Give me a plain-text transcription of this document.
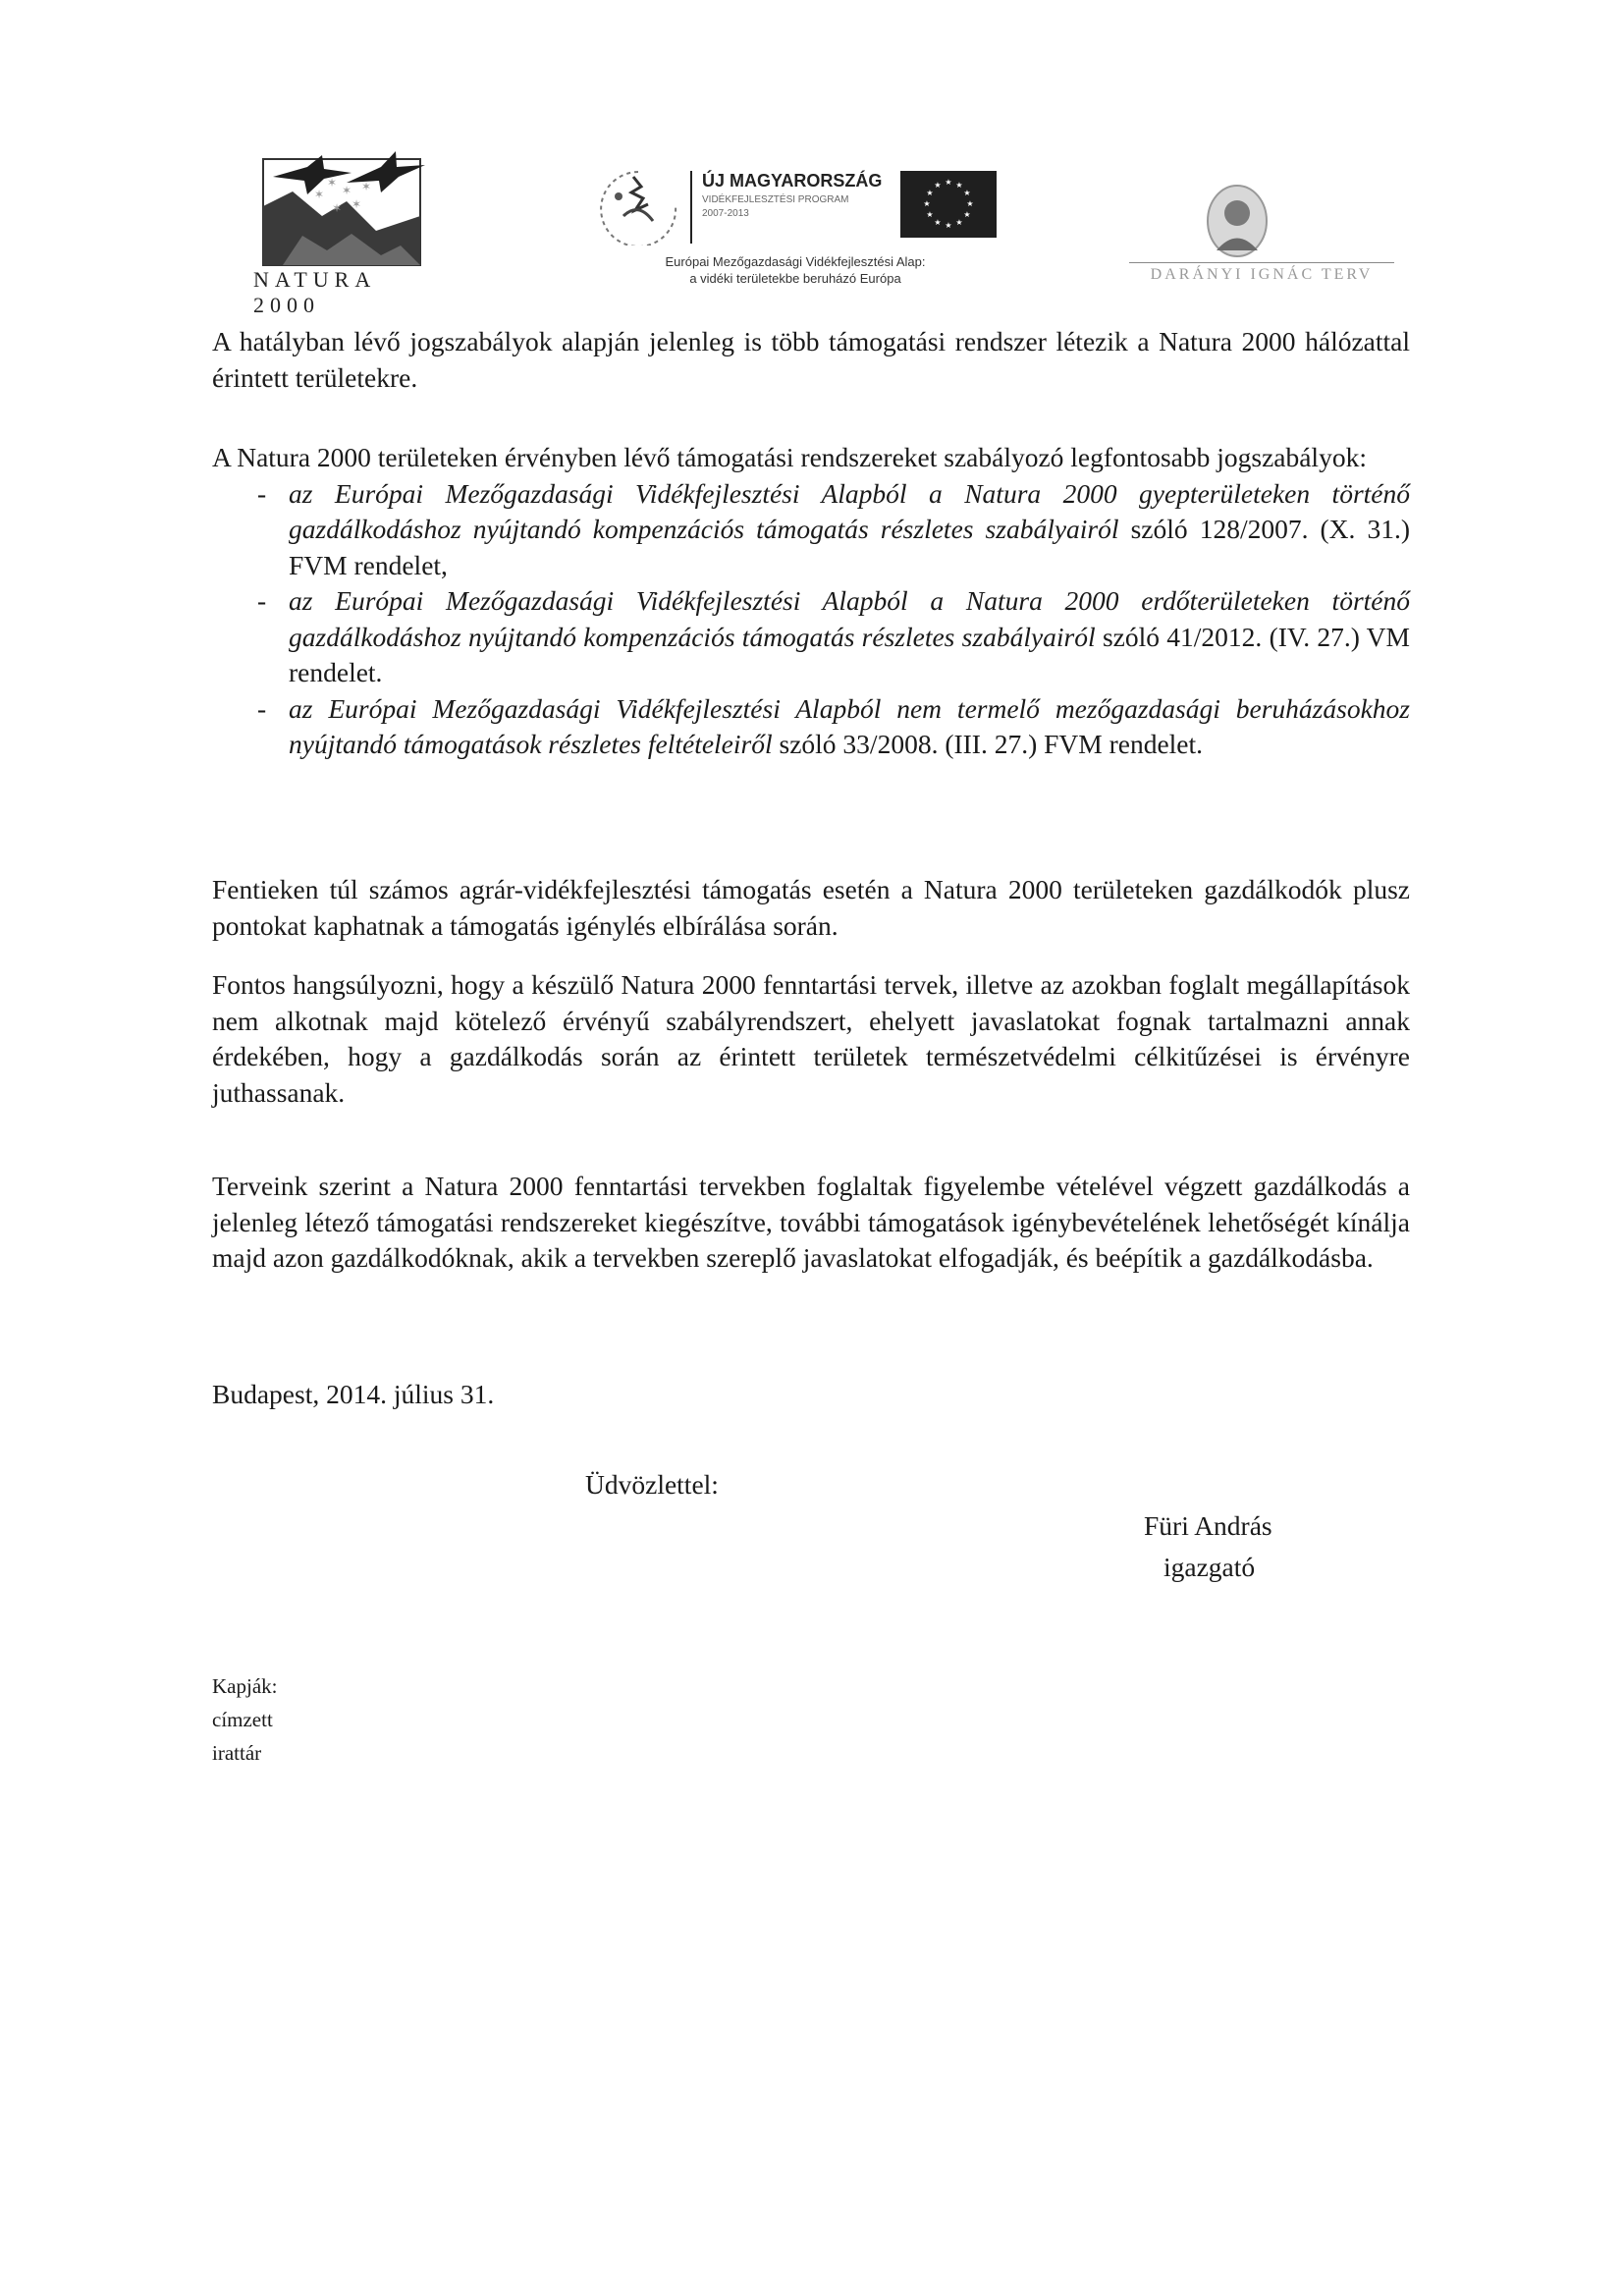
✶
✶
✶
✶
✶
✶
NATURA 2000
ÚJ MAGYARORSZÁG
VIDÉKFEJLESZTÉSI PROGRAM
2007-2013
★ ★
★
★
★
★
★
★
★
★
★
★
Európai Mezőgazdasági Vidékfejlesztési Alap:
a vidéki területekbe beruházó Európa	DARÁNYI IGNÁC TERV

A hatályban lévő jogszabályok alapján jelenleg is több támogatási rendszer létezik a Natura 2000 hálózattal érintett területekre.

A Natura 2000 területeken érvényben lévő támogatási rendszereket szabályozó legfontosabb jogszabályok:

- az Európai Mezőgazdasági Vidékfejlesztési Alapból a Natura 2000 gyepterületeken történő gazdálkodáshoz nyújtandó kompenzációs támogatás részletes szabályairól szóló 128/2007. (X. 31.) FVM rendelet,
- az Európai Mezőgazdasági Vidékfejlesztési Alapból a Natura 2000 erdőterületeken történő gazdálkodáshoz nyújtandó kompenzációs támogatás részletes szabályairól szóló 41/2012. (IV. 27.) VM rendelet.
- az Európai Mezőgazdasági Vidékfejlesztési Alapból nem termelő mezőgazdasági beruházásokhoz nyújtandó támogatások részletes feltételeiről szóló 33/2008. (III. 27.) FVM rendelet.

Fentieken túl számos agrár-vidékfejlesztési támogatás esetén a Natura 2000 területeken gazdálkodók plusz pontokat kaphatnak a támogatás igénylés elbírálása során.

Fontos hangsúlyozni, hogy a készülő Natura 2000 fenntartási tervek, illetve az azokban foglalt megállapítások nem alkotnak majd kötelező érvényű szabályrendszert, ehelyett javaslatokat fognak tartalmazni annak érdekében, hogy a gazdálkodás során az érintett területek természetvédelmi célkitűzései is érvényre juthassanak.

Terveink szerint a Natura 2000 fenntartási tervekben foglaltak figyelembe vételével végzett gazdálkodás a jelenleg létező támogatási rendszereket kiegészítve, további támogatások igénybevételének lehetőségét kínálja majd azon gazdálkodóknak, akik a tervekben szereplő javaslatokat elfogadják, és beépítik a gazdálkodásba.

Budapest, 2014. július 31.
Üdvözlettel:
Füri András
igazgató
Kapják:
címzett
irattár
